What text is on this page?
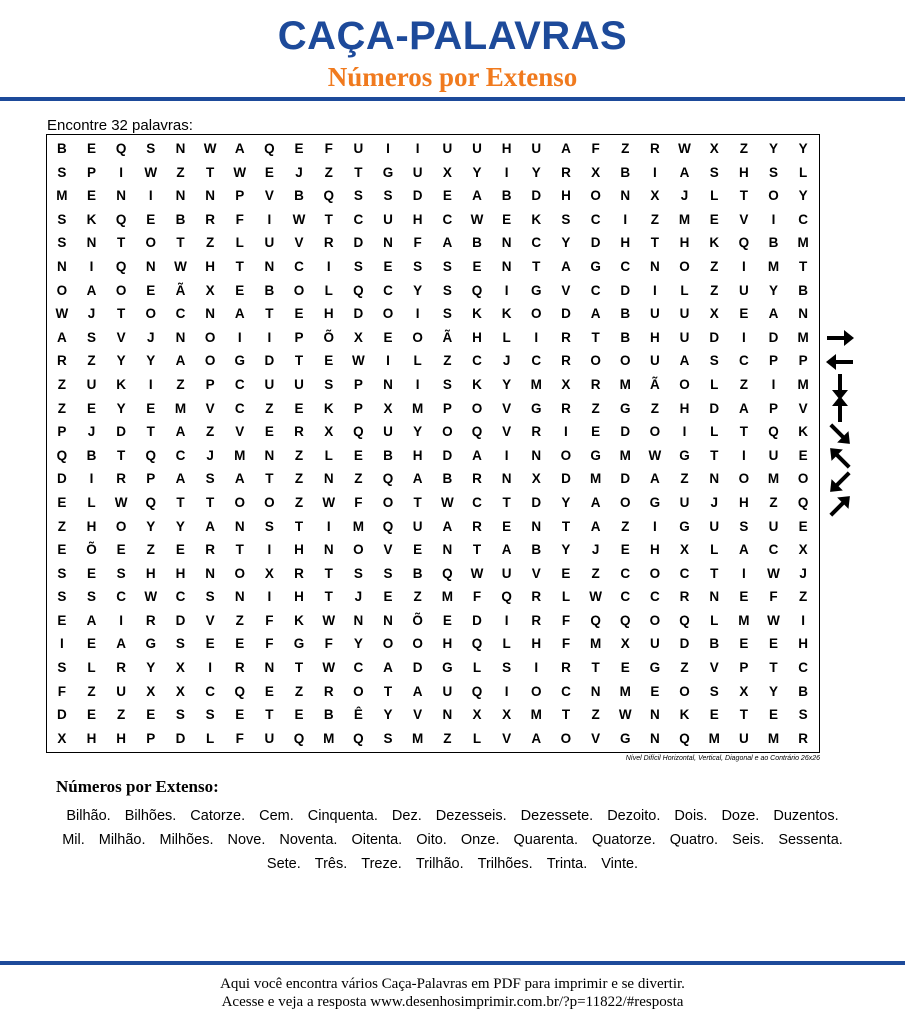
CAÇA-PALAVRAS
Números por Extenso
Encontre 32 palavras:
B	E	Q	S	N	W	A	Q	E	F	U	I	I	U	U	H	U	A	F	Z	R	W	X	Z	Y	Y
S	P	I	W	Z	T	W	E	J	Z	T	G	U	X	Y	I	Y	R	X	B	I	A	S	H	S	L
M	E	N	I	N	N	P	V	B	Q	S	S	D	E	A	B	D	H	O	N	X	J	L	T	O	Y
S	K	Q	E	B	R	F	I	W	T	C	U	H	C	W	E	K	S	C	I	Z	M	E	V	I	C
S	N	T	O	T	Z	L	U	V	R	D	N	F	A	B	N	C	Y	D	H	T	H	K	Q	B	M
N	I	Q	N	W	H	T	N	C	I	S	E	S	S	E	N	T	A	G	C	N	O	Z	I	M	T
O	A	O	E	Ã	X	E	B	O	L	Q	C	Y	S	Q	I	G	V	C	D	I	L	Z	U	Y	B
W	J	T	O	C	N	A	T	E	H	D	O	I	S	K	K	O	D	A	B	U	U	X	E	A	N
A	S	V	J	N	O	I	I	P	Õ	X	E	O	Ã	H	L	I	R	T	B	H	U	D	I	D	M
R	Z	Y	Y	A	O	G	D	T	E	W	I	L	Z	C	J	C	R	O	O	U	A	S	C	P	P
Z	U	K	I	Z	P	C	U	U	S	P	N	I	S	K	Y	M	X	R	M	Ã	O	L	Z	I	M
Z	E	Y	E	M	V	C	Z	E	K	P	X	M	P	O	V	G	R	Z	G	Z	H	D	A	P	V
P	J	D	T	A	Z	V	E	R	X	Q	U	Y	O	Q	V	R	I	E	D	O	I	L	T	Q	K
Q	B	T	Q	C	J	M	N	Z	L	E	B	H	D	A	I	N	O	G	M	W	G	T	I	U	E
D	I	R	P	A	S	A	T	Z	N	Z	Q	A	B	R	N	X	D	M	D	A	Z	N	O	M	O
E	L	W	Q	T	T	O	O	Z	W	F	O	T	W	C	T	D	Y	A	O	G	U	J	H	Z	Q
Z	H	O	Y	Y	A	N	S	T	I	M	Q	U	A	R	E	N	T	A	Z	I	G	U	S	U	E
E	Õ	E	Z	E	R	T	I	H	N	O	V	E	N	T	A	B	Y	J	E	H	X	L	A	C	X
S	E	S	H	H	N	O	X	R	T	S	S	B	Q	W	U	V	E	Z	C	O	C	T	I	W	J
S	S	C	W	C	S	N	I	H	T	J	E	Z	M	F	Q	R	L	W	C	C	R	N	E	F	Z
E	A	I	R	D	V	Z	F	K	W	N	N	Õ	E	D	I	R	F	Q	Q	O	Q	L	M	W	I
I	E	A	G	S	E	E	F	G	F	Y	O	O	H	Q	L	H	F	M	X	U	D	B	E	E	H
S	L	R	Y	X	I	R	N	T	W	C	A	D	G	L	S	I	R	T	E	G	Z	V	P	T	C
F	Z	U	X	X	C	Q	E	Z	R	O	T	A	U	Q	I	O	C	N	M	E	O	S	X	Y	B
D	E	Z	E	S	S	E	T	E	B	Ê	Y	V	N	X	X	M	T	Z	W	N	K	E	T	E	S
X	H	H	P	D	L	F	U	Q	M	Q	S	M	Z	L	V	A	O	V	G	N	Q	M	U	M	R
Nível Difícil Horizontal, Vertical, Diagonal e ao Contrário 26x26
Números por Extenso:
Bilhão. Bilhões. Catorze. Cem. Cinquenta. Dez. Dezesseis. Dezessete. Dezoito. Dois. Doze. Duzentos.Mil. Milhão. Milhões. Nove. Noventa. Oitenta. Oito. Onze. Quarenta. Quatorze. Quatro. Seis. Sessenta.Sete. Três. Treze. Trilhão. Trilhões. Trinta. Vinte.
Aqui você encontra vários Caça-Palavras em PDF para imprimir e se divertir.
Acesse e veja a resposta www.desenhosimprimir.com.br/?p=11822/#resposta
